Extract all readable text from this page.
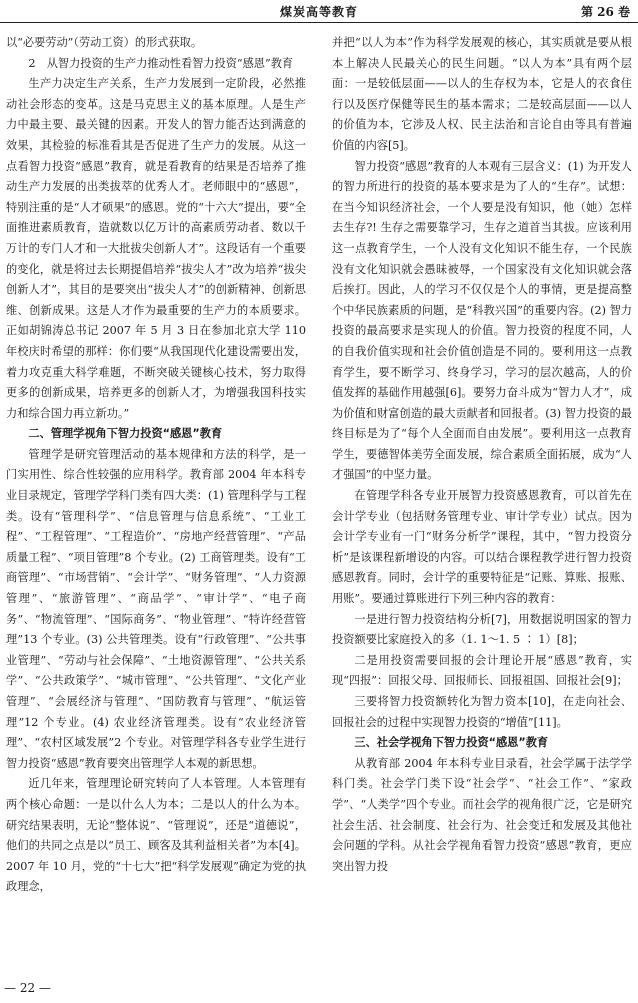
煤炭高等教育	第 26 卷

以“必要劳动”（劳动工资）的形式获取。

2　从智力投资的生产力推动性看智力投资“感恩”教育

生产力决定生产关系，生产力发展到一定阶段，必然推动社会形态的变革。这是马克思主义的基本原理。人是生产力中最主要、最关键的因素。开发人的智力能否达到满意的效果，其检验的标准看其是否促进了生产力的发展。从这一点看智力投资“感恩”教育，就是看教育的结果是否培养了推动生产力发展的出类拔萃的优秀人才。老师眼中的“感恩”，特别注重的是“人才硕果”的感恩。党的“十六大”提出，要“全面推进素质教育，造就数以亿万计的高素质劳动者、数以千万计的专门人才和一大批拔尖创新人才”。这段话有一个重要的变化，就是将过去长期提倡培养“拔尖人才”改为培养“拔尖创新人才”，其目的是要突出“拔尖人才”的创新精神、创新思维、创新成果。这是人才作为最重要的生产力的本质要求。正如胡锦涛总书记 2007 年 5 月 3 日在参加北京大学 110 年校庆时希望的那样：你们要“从我国现代化建设需要出发，着力攻克重大科学难题，不断突破关键核心技术，努力取得更多的创新成果，培养更多的创新人才，为增强我国科技实力和综合国力再立新功。”

二、管理学视角下智力投资“感恩”教育

管理学是研究管理活动的基本规律和方法的科学，是一门实用性、综合性较强的应用科学。教育部 2004 年本科专业目录规定，管理学学科门类有四大类：(1) 管理科学与工程类。设有“管理科学”、“信息管理与信息系统”、“工业工程”、“工程管理”、“工程造价”、“房地产经营管理”、“产品质量工程”、“项目管理”8 个专业。(2) 工商管理类。设有“工商管理”、“市场营销”、“会计学”、“财务管理”、“人力资源管理”、“旅游管理”、“商品学”、“审计学”、“电子商务”、“物流管理”、“国际商务”、“物业管理”、“特许经营管理”13 个专业。(3) 公共管理类。设有“行政管理”、“公共事业管理”、“劳动与社会保障”、“土地资源管理”、“公共关系学”、“公共政策学”、“城市管理”、“公共管理”、“文化产业管理”、“会展经济与管理”、“国防教育与管理”、“航运管理”12 个专业。(4) 农业经济管理类。设有“农业经济管理”、“农村区域发展”2 个专业。对管理学科各专业学生进行智力投资“感恩”教育要突出管理学人本观的新思想。

近几年来，管理理论研究转向了人本管理。人本管理有两个核心命题：一是以什么人为本；二是以人的什么为本。研究结果表明，无论“整体说”、“管理说”，还是“道德说”，他们的共同之点是以“员工、顾客及其利益相关者”为本[4]。2007 年 10 月，党的“十七大”把“科学发展观”确定为党的执政理念，

并把“以人为本”作为科学发展观的核心，其实质就是要从根本上解决人民最关心的民生问题。“以人为本”具有两个层面：一是较低层面——以人的生存权为本，它是人的衣食住行以及医疗保健等民生的基本需求；二是较高层面——以人的价值为本，它涉及人权、民主法治和言论自由等具有普遍价值的内容[5]。

智力投资“感恩”教育的人本观有三层含义：(1) 为开发人的智力所进行的投资的基本要求是为了人的“生存”。试想：在当今知识经济社会，一个人要是没有知识，他（她）怎样去生存?! 生存之需要靠学习，生存之道首当其拔。应该利用这一点教育学生，一个人没有文化知识不能生存，一个民族没有文化知识就会愚昧被辱，一个国家没有文化知识就会落后挨打。因此，人的学习不仅仅是个人的事情，更是提高整个中华民族素质的问题，是“科教兴国”的重要内容。(2) 智力投资的最高要求是实现人的价值。智力投资的程度不同，人的自我价值实现和社会价值创造是不同的。要利用这一点教育学生，要不断学习、终身学习，学习的层次越高，人的价值发挥的基础作用越强[6]。要努力奋斗成为“智力人才”，成为价值和财富创造的最大贡献者和回报者。(3) 智力投资的最终目标是为了“每个人全面而自由发展”。要利用这一点教育学生，要德智体美劳全面发展，综合素质全面拓展，成为“人才强国”的中坚力量。

在管理学科各专业开展智力投资感恩教育，可以首先在会计学专业（包括财务管理专业、审计学专业）试点。因为会计学专业有一门“财务分析学”课程，其中，“智力投资分析”是该课程新增设的内容。可以结合课程教学进行智力投资感恩教育。同时，会计学的重要特征是“记账、算账、报账、用账”。要通过算账进行下列三种内容的教育：

一是进行智力投资结构分析[7]，用数据说明国家的智力投资额要比家庭投入的多（1. 1～1. 5 ∶ 1）[8]；

二是用投资需要回报的会计理论开展“感恩”教育，实现“四报”：回报父母、回报师长、回报祖国、回报社会[9]；

三要将智力投资额转化为智力资本[10]，在走向社会、回报社会的过程中实现智力投资的“增值”[11]。

三、社会学视角下智力投资“感恩”教育

从教育部 2004 年本科专业目录看，社会学属于法学学科门类。社会学门类下设“社会学”、“社会工作”、“家政学”、“人类学”四个专业。而社会学的视角很广泛，它是研究社会生活、社会制度、社会行为、社会变迁和发展及其他社会问题的学科。从社会学视角看智力投资“感恩”教育，更应突出智力投

— 22 —
